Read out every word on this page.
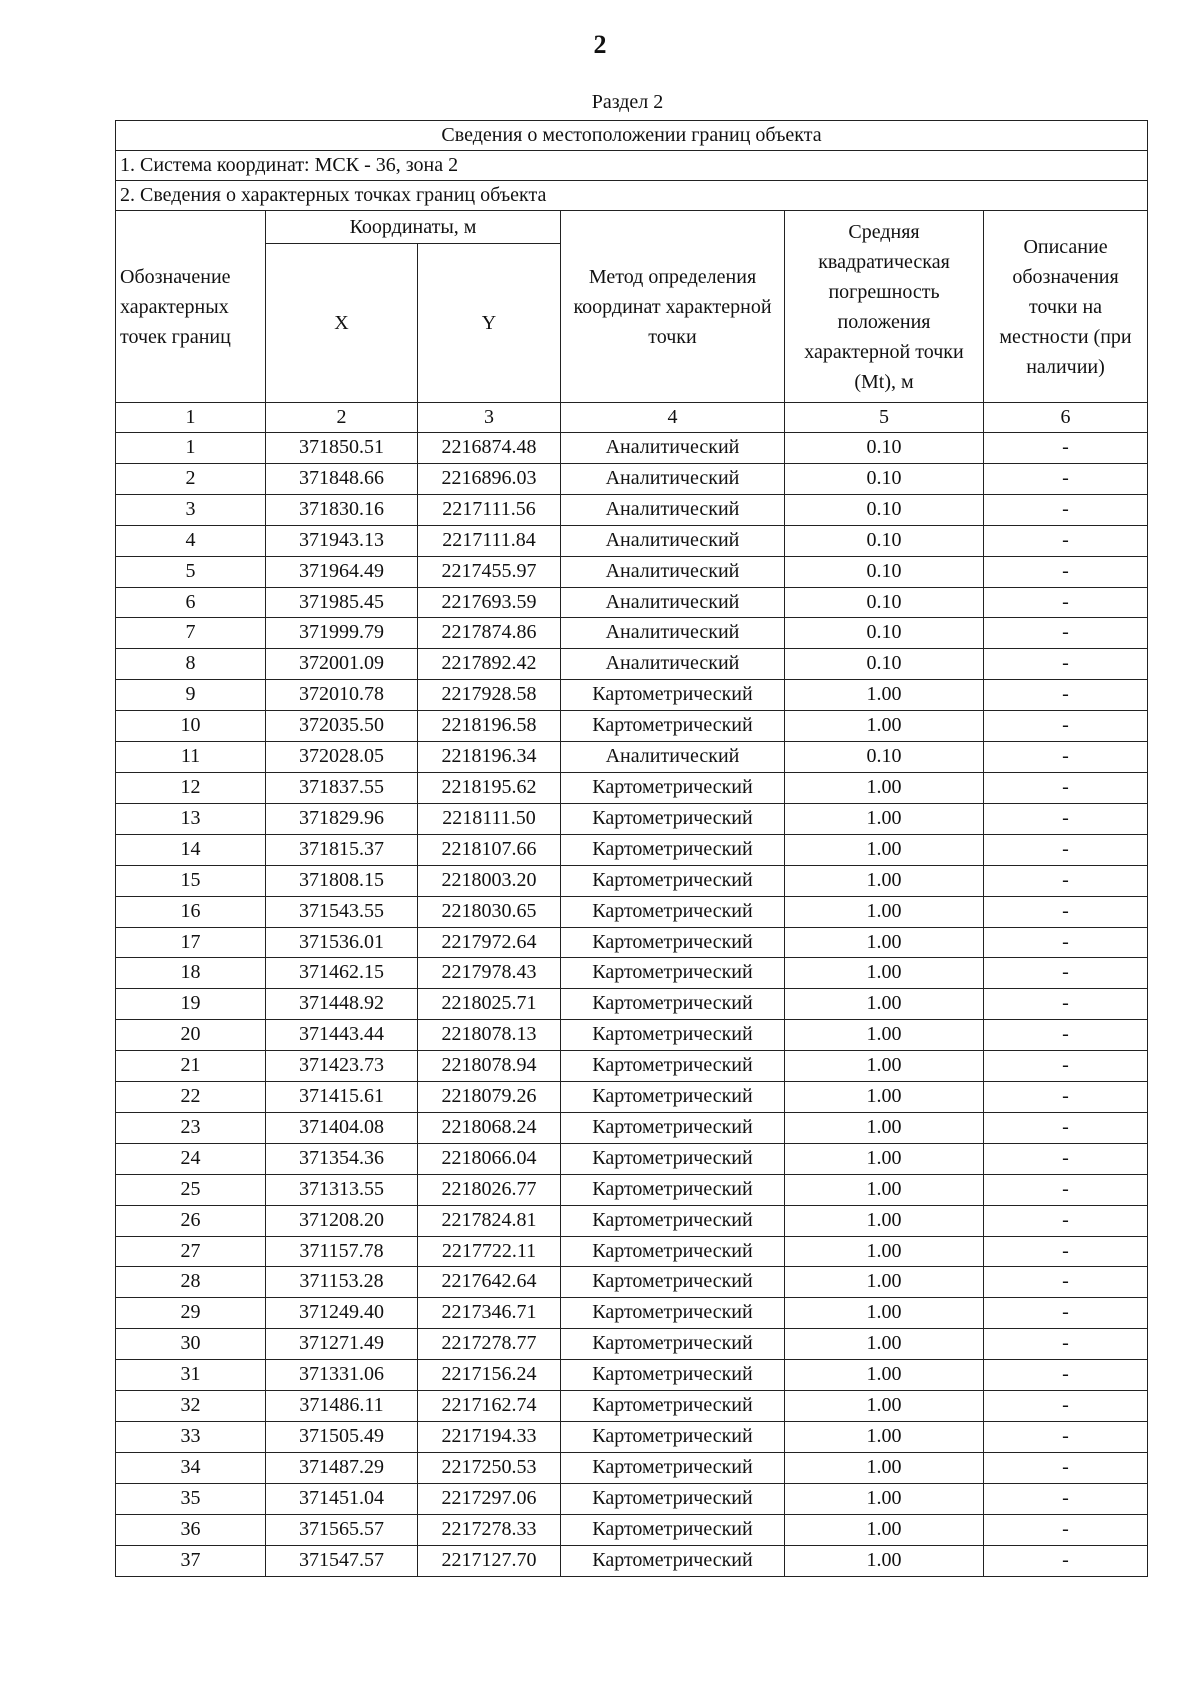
2
Раздел 2
Сведения о местоположении границ объекта					
1. Система координат: МСК - 36, зона 2					
2. Сведения о характерных точках границ объекта					
Обозначение характерных точек границ	Координаты, м		Метод определения координат характерной точки	Средняя квадратическая погрешность положения характерной точки (Mt), м	Описание обозначения точки на местности (при наличии)
	X	Y			
1	2	3	4	5	6
1	371850.51	2216874.48	Аналитический	0.10	-
2	371848.66	2216896.03	Аналитический	0.10	-
3	371830.16	2217111.56	Аналитический	0.10	-
4	371943.13	2217111.84	Аналитический	0.10	-
5	371964.49	2217455.97	Аналитический	0.10	-
6	371985.45	2217693.59	Аналитический	0.10	-
7	371999.79	2217874.86	Аналитический	0.10	-
8	372001.09	2217892.42	Аналитический	0.10	-
9	372010.78	2217928.58	Картометрический	1.00	-
10	372035.50	2218196.58	Картометрический	1.00	-
11	372028.05	2218196.34	Аналитический	0.10	-
12	371837.55	2218195.62	Картометрический	1.00	-
13	371829.96	2218111.50	Картометрический	1.00	-
14	371815.37	2218107.66	Картометрический	1.00	-
15	371808.15	2218003.20	Картометрический	1.00	-
16	371543.55	2218030.65	Картометрический	1.00	-
17	371536.01	2217972.64	Картометрический	1.00	-
18	371462.15	2217978.43	Картометрический	1.00	-
19	371448.92	2218025.71	Картометрический	1.00	-
20	371443.44	2218078.13	Картометрический	1.00	-
21	371423.73	2218078.94	Картометрический	1.00	-
22	371415.61	2218079.26	Картометрический	1.00	-
23	371404.08	2218068.24	Картометрический	1.00	-
24	371354.36	2218066.04	Картометрический	1.00	-
25	371313.55	2218026.77	Картометрический	1.00	-
26	371208.20	2217824.81	Картометрический	1.00	-
27	371157.78	2217722.11	Картометрический	1.00	-
28	371153.28	2217642.64	Картометрический	1.00	-
29	371249.40	2217346.71	Картометрический	1.00	-
30	371271.49	2217278.77	Картометрический	1.00	-
31	371331.06	2217156.24	Картометрический	1.00	-
32	371486.11	2217162.74	Картометрический	1.00	-
33	371505.49	2217194.33	Картометрический	1.00	-
34	371487.29	2217250.53	Картометрический	1.00	-
35	371451.04	2217297.06	Картометрический	1.00	-
36	371565.57	2217278.33	Картометрический	1.00	-
37	371547.57	2217127.70	Картометрический	1.00	-
